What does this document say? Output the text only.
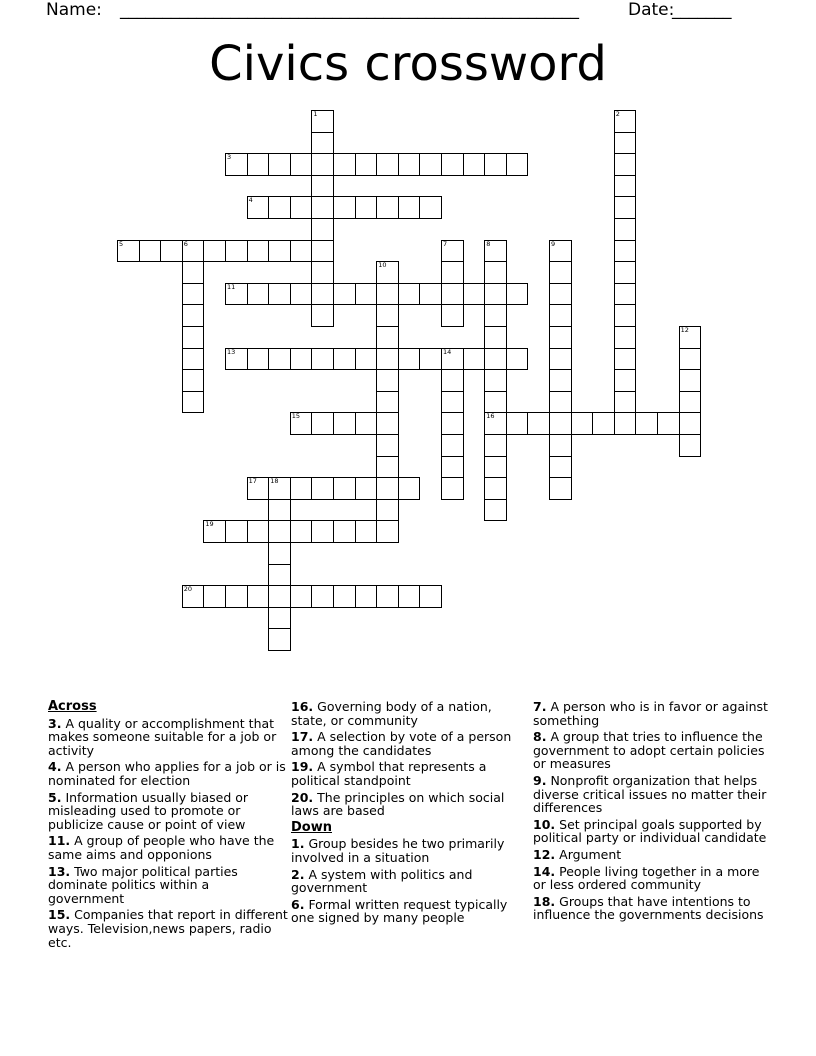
Name: ______________________________________________________	Date:
_______
Civics crossword
1	2
3
4
5	6	7	8
16
9
10
11
12
13	14
15
17 18
19
20
Across
3. A quality or accomplishment that makes someone suitable for a job or activity
4. A person who applies for a job or is nominated for election
5. Information usually biased or misleading used to promote or publicize cause or point of view
11. A group of people who have the same aims and opponions
13. Two major political parties dominate politics within a government
15. Companies that report in different ways. Television,news papers, radio etc.
16. Governing body of a nation, state, or community
17. A selection by vote of a person among the candidates
19. A symbol that represents a political standpoint
20. The principles on which social laws are based
Down
1. Group besides he two primarily involved in a situation
2. A system with politics and government
6. Formal written request typically one signed by many people
7. A person who is in favor or against something
8. A group that tries to influence the government to adopt certain policies or measures
9. Nonprofit organization that helps diverse critical issues no matter their differences
10. Set principal goals supported by political party or individual candidate
12. Argument
14. People living together in a more or less ordered community
18. Groups that have intentions to influence the governments decisions
